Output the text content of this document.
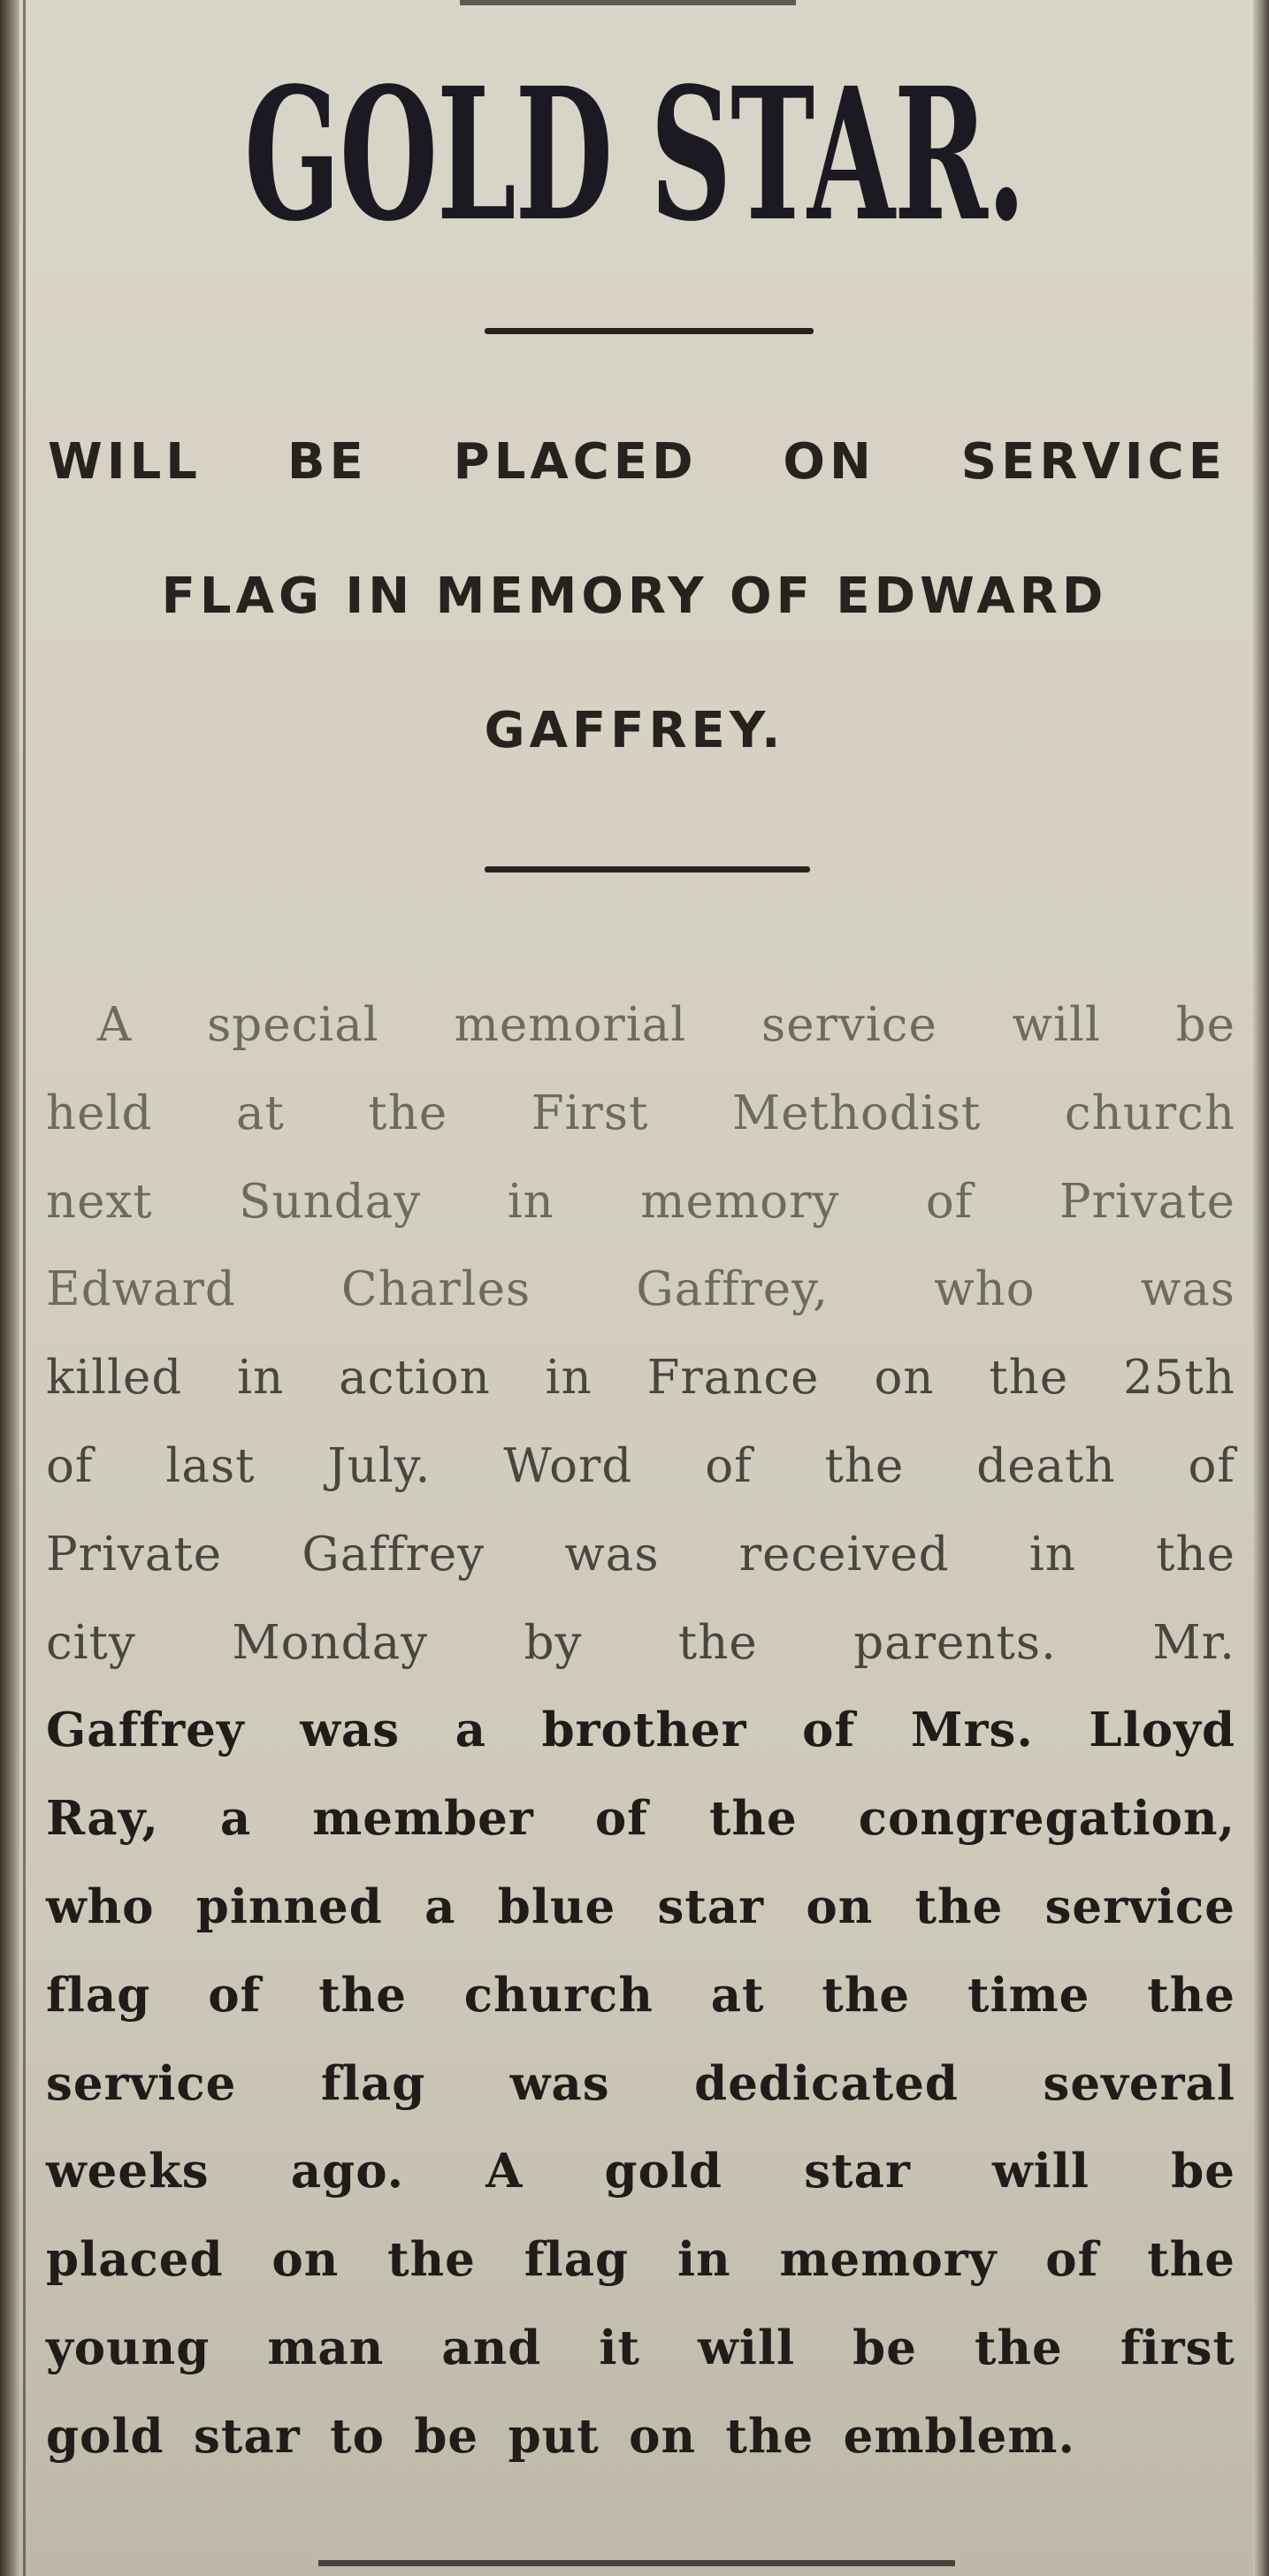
GOLD STAR.
WILL BE PLACED ON SERVICE
FLAG IN MEMORY OF EDWARD
GAFFREY.
A special memorial service will be
held at the First Methodist church
next Sunday in memory of Private
Edward Charles Gaffrey, who was
killed in action in France on the 25th
of last July. Word of the death of
Private Gaffrey was received in the
city Monday by the parents. Mr.
Gaffrey was a brother of Mrs. Lloyd
Ray, a member of the congregation,
who pinned a blue star on the service
flag of the church at the time the
service flag was dedicated several
weeks ago. A gold star will be
placed on the flag in memory of the
young man and it will be the first
gold star to be put on the emblem.
